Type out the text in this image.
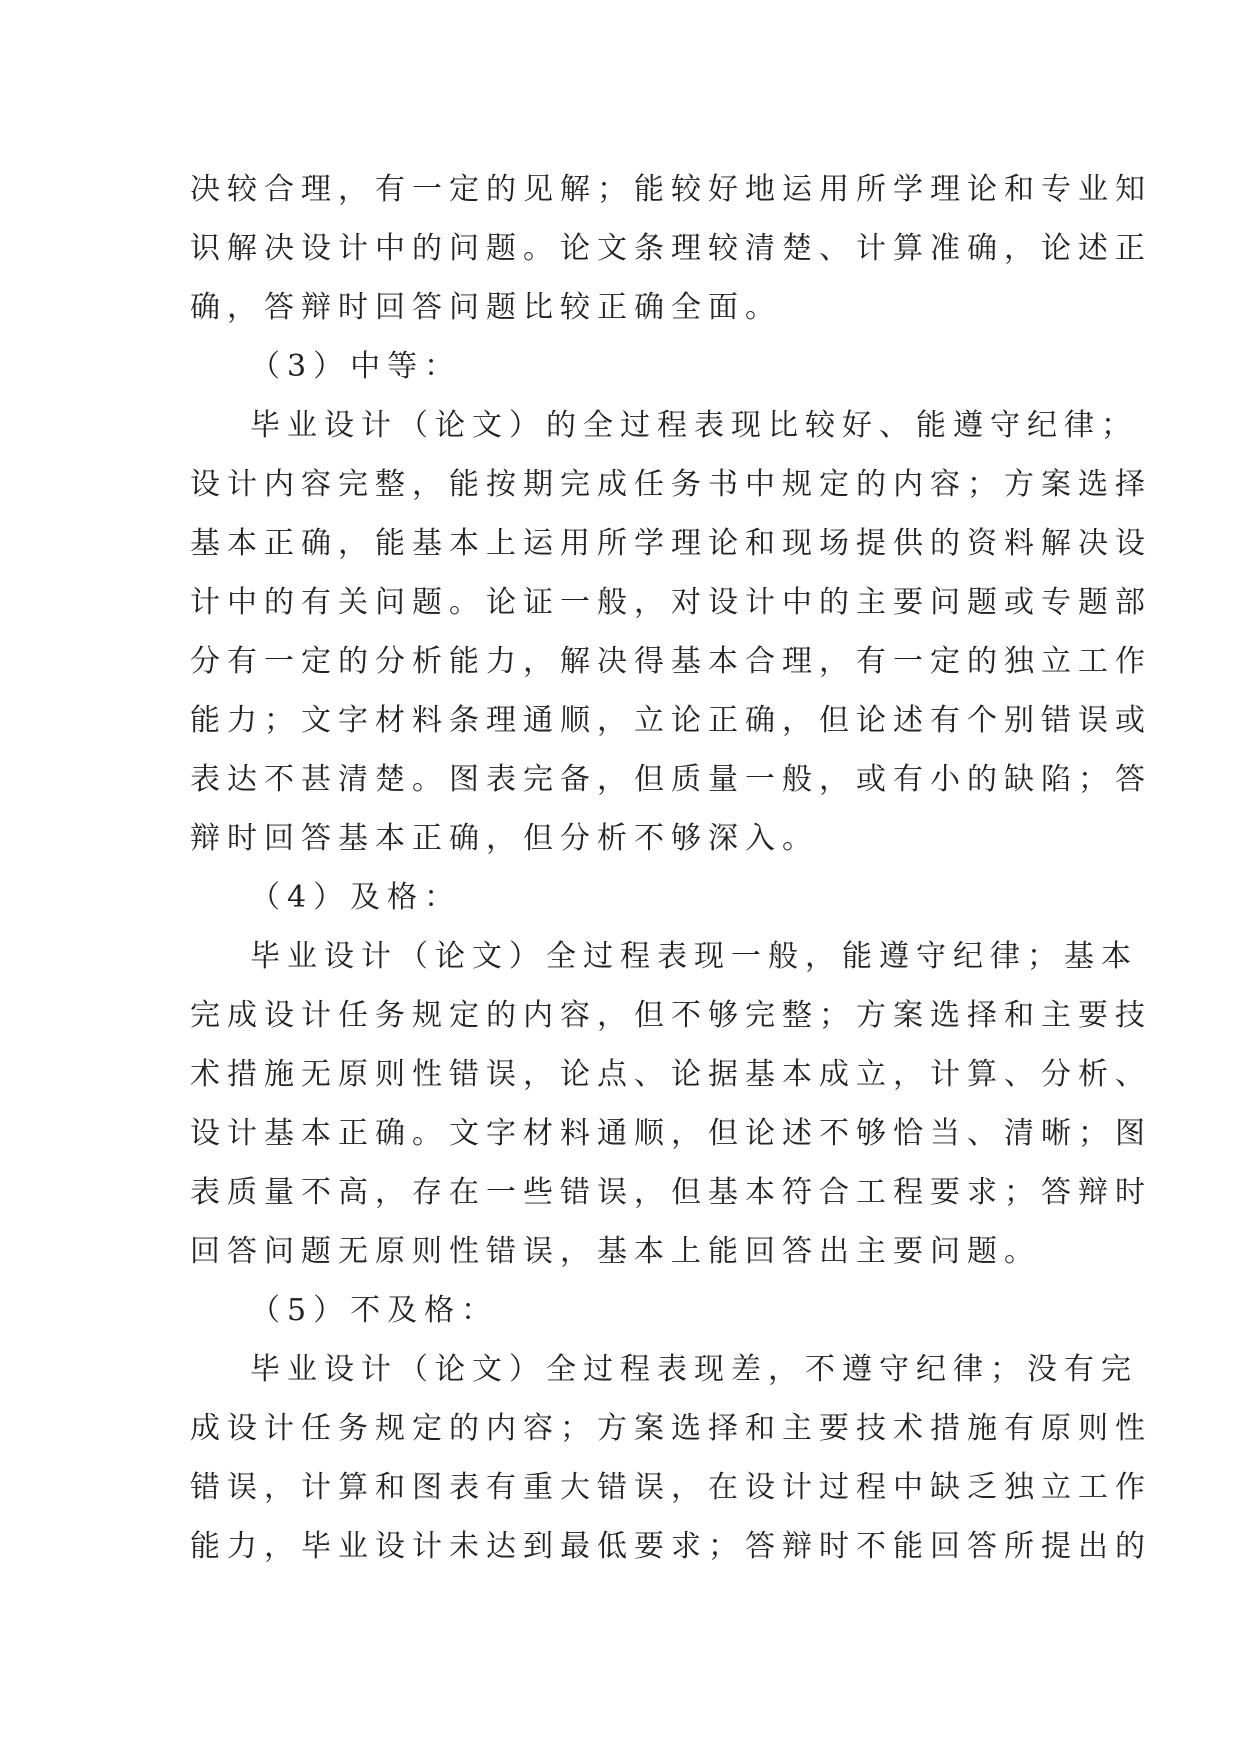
决较合理，有一定的见解；能较好地运用所学理论和专业知
识解决设计中的问题。论文条理较清楚、计算准确，论述正
确，答辩时回答问题比较正确全面。
（3）中等：
毕业设计（论文）的全过程表现比较好、能遵守纪律；
设计内容完整，能按期完成任务书中规定的内容；方案选择
基本正确，能基本上运用所学理论和现场提供的资料解决设
计中的有关问题。论证一般，对设计中的主要问题或专题部
分有一定的分析能力，解决得基本合理，有一定的独立工作
能力；文字材料条理通顺，立论正确，但论述有个别错误或
表达不甚清楚。图表完备，但质量一般，或有小的缺陷；答
辩时回答基本正确，但分析不够深入。
（4）及格：
毕业设计（论文）全过程表现一般，能遵守纪律；基本
完成设计任务规定的内容，但不够完整；方案选择和主要技
术措施无原则性错误，论点、论据基本成立，计算、分析、
设计基本正确。文字材料通顺，但论述不够恰当、清晰；图
表质量不高，存在一些错误，但基本符合工程要求；答辩时
回答问题无原则性错误，基本上能回答出主要问题。
（5）不及格：
毕业设计（论文）全过程表现差，不遵守纪律；没有完
成设计任务规定的内容；方案选择和主要技术措施有原则性
错误，计算和图表有重大错误，在设计过程中缺乏独立工作
能力，毕业设计未达到最低要求；答辩时不能回答所提出的
